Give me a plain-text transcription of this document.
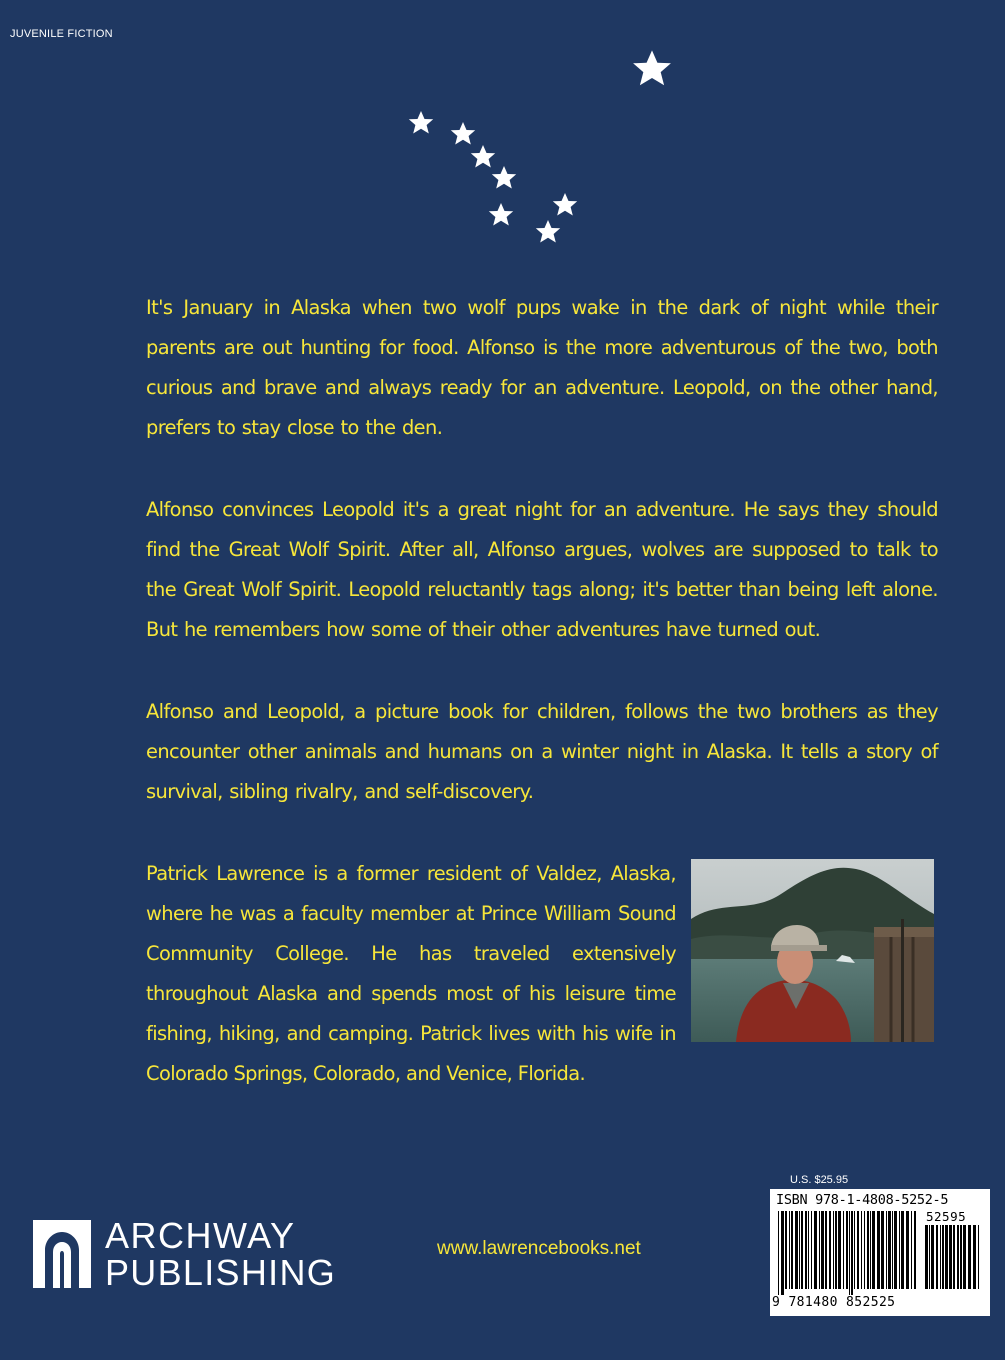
JUVENILE FICTION

It's January in Alaska when two wolf pups wake in the dark of night while their parents are out hunting for food. Alfonso is the more adventurous of the two, both curious and brave and always ready for an adventure. Leopold, on the other hand, prefers to stay close to the den.

Alfonso convinces Leopold it's a great night for an adventure. He says they should find the Great Wolf Spirit. After all, Alfonso argues, wolves are supposed to talk to the Great Wolf Spirit. Leopold reluctantly tags along; it's better than being left alone. But he remembers how some of their other adventures have turned out.

Alfonso and Leopold, a picture book for children, follows the two brothers as they encounter other animals and humans on a winter night in Alaska. It tells a story of survival, sibling rivalry, and self-discovery.

Patrick Lawrence is a former resident of Valdez, Alaska, where he was a faculty member at Prince William Sound Community College. He has traveled extensively throughout Alaska and spends most of his leisure time fishing, hiking, and camping. Patrick lives with his wife in Colorado Springs, Colorado, and Venice, Florida.

ARCHWAY
PUBLISHING
www.lawrencebooks.net
U.S. $25.95
ISBN 978-1-4808-5252-5
52595
9 781480 852525
